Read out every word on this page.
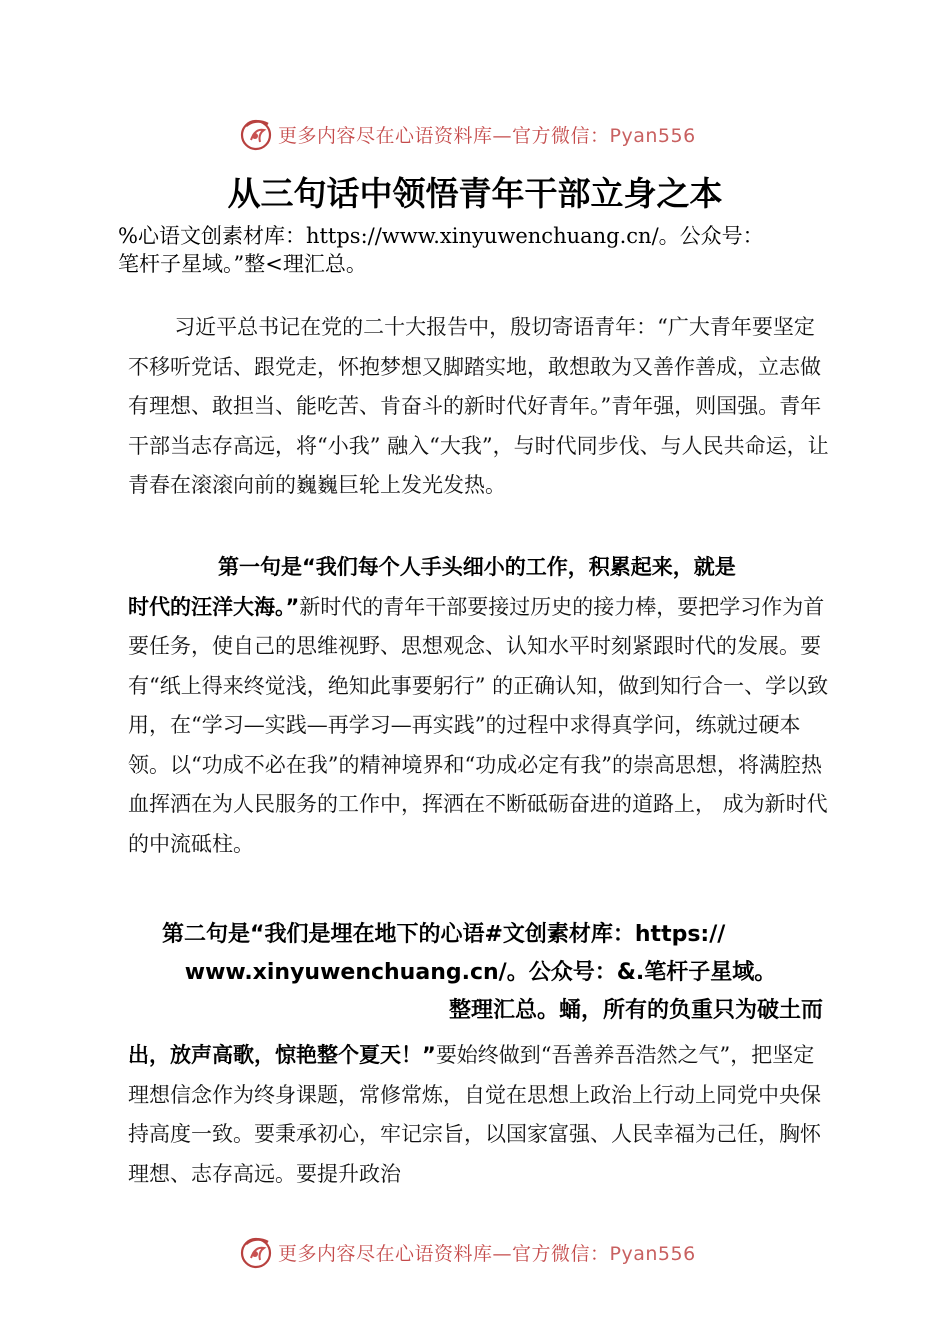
更多内容尽在心语资料库—官方微信：Pyan556
从三句话中领悟青年干部立身之本

%心语文创素材库：https://www.xinyuwenchuang.cn/。公众号：
笔杆子星域。”整<理汇总。

习近平总书记在党的二十大报告中，殷切寄语青年：“广大青年要坚定不移听党话、跟党走，怀抱梦想又脚踏实地，敢想敢为又善作善成，立志做有理想、敢担当、能吃苦、肯奋斗的新时代好青年。”青年强，则国强。青年干部当志存高远，将“小我” 融入“大我”，与时代同步伐、与人民共命运，让青春在滚滚向前的巍巍巨轮上发光发热。

第一句是“我们每个人手头细小的工作，积累起来，就是
时代的汪洋大海。”新时代的青年干部要接过历史的接力棒，要把学习作为首要任务，使自己的思维视野、思想观念、认知水平时刻紧跟时代的发展。要有“纸上得来终觉浅，绝知此事要躬行” 的正确认知，做到知行合一、学以致用，在“学习—实践—再学习—再实践”的过程中求得真学问，练就过硬本领。以“功成不必在我”的精神境界和“功成必定有我”的崇高思想，将满腔热血挥洒在为人民服务的工作中，挥洒在不断砥砺奋进的道路上， 成为新时代的中流砥柱。

第二句是“我们是埋在地下的心语#文创素材库：https://
www.xinyuwenchuang.cn/。公众号：&.笔杆子星域。
整理汇总。蛹，所有的负重只为破土而

出，放声高歌，惊艳整个夏天！”要始终做到“吾善养吾浩然之气”，把坚定理想信念作为终身课题，常修常炼，自觉在思想上政治上行动上同党中央保持高度一致。要秉承初心，牢记宗旨，以国家富强、人民幸福为己任，胸怀理想、志存高远。要提升政治

更多内容尽在心语资料库—官方微信：Pyan556
